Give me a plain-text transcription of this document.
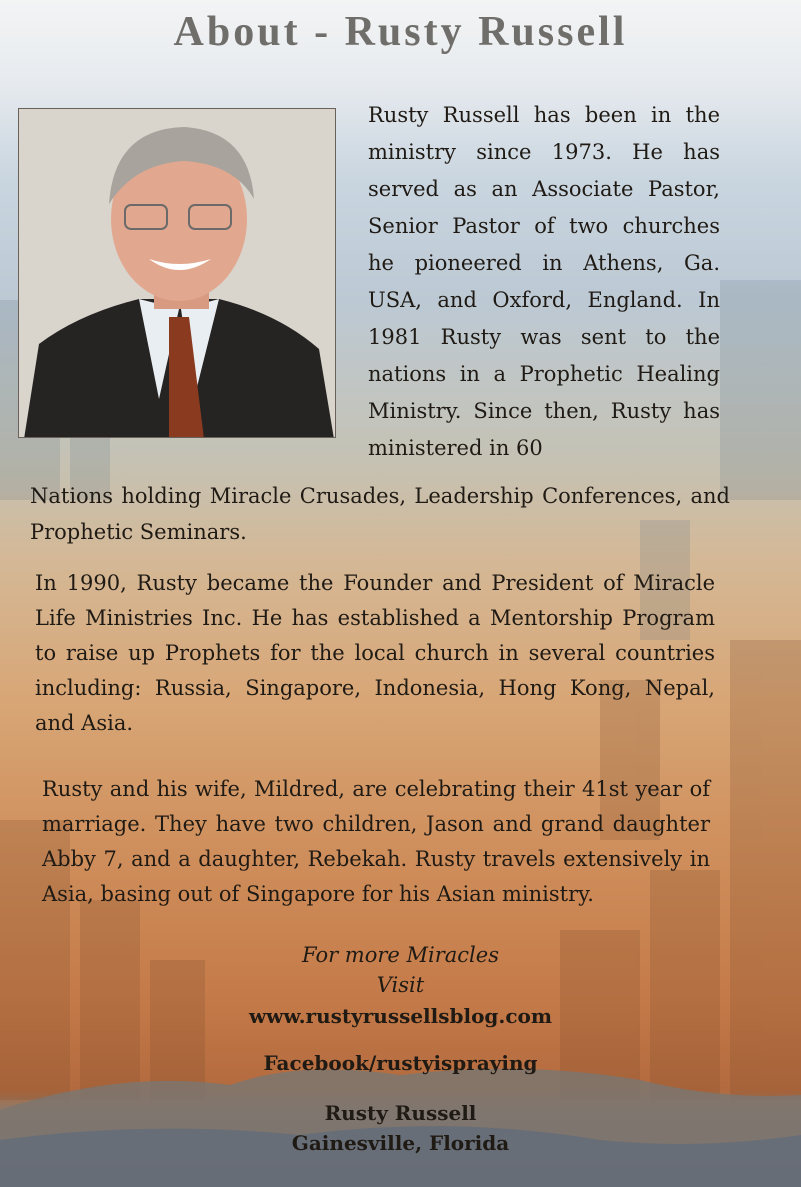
About - Rusty Russell

Rusty Russell has been in the ministry since 1973. He has served as an Associate Pastor, Senior Pastor of two churches he pioneered in Athens, Ga. USA, and Oxford, England. In 1981 Rusty was sent to the nations in a Prophetic Healing Ministry. Since then, Rusty has ministered in 60

Nations holding Miracle Crusades, Leadership Conferences, and Prophetic Seminars.

In 1990, Rusty became the Founder and President of Miracle Life Ministries Inc. He has established a Mentorship Program to raise up Prophets for the local church in several countries including: Russia, Singapore, Indonesia, Hong Kong, Nepal, and Asia.

Rusty and his wife, Mildred, are celebrating their 41st year of marriage. They have two children, Jason and grand daughter Abby 7, and a daughter, Rebekah. Rusty travels extensively in Asia, basing out of Singapore for his Asian ministry.

For more Miracles
Visit
www.rustyrussellsblog.com
Facebook/rustyispraying
Rusty Russell
Gainesville, Florida
